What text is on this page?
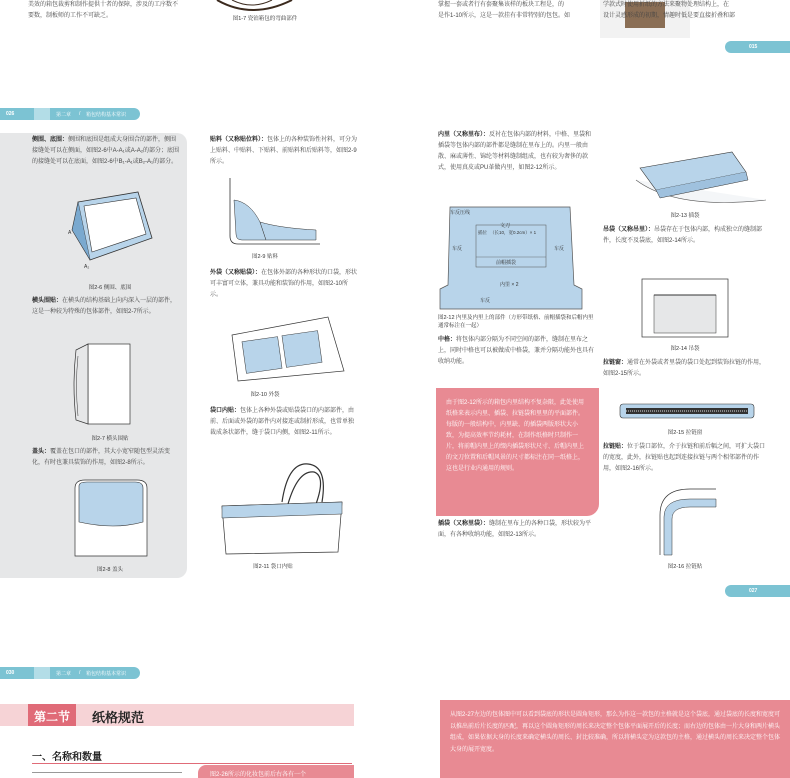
美效的箱包裁剪和制作提供十者的保障，涉及的工序数不
要数，制板师的工作不可缺乏。	图1-7 瓷铂箱包的弯曲部件
掌握一套或者行有套聚集该样的板块工程是，的
是作1-10所示，这是一款挂有非常特别的包包。如
学款式时使用折纸的方法来聚物处理结构上，在
设计灵感形成的初期，情趣时低是要直接折叠和部
015
026	第二章 / 箱包结构基本常识
侧围、底围：侧围和底围是组成大身围合的部件，侧围接缝处可以在侧面，如图2-6中A-A₁或A-A₂的部分；底围的接缝处可以在底面，如图2-6中B₁-A₁或B₂-A₁的部分。
A
A₂
图2-6 侧围、底围
横头围贴：在横头的结构基础上向内深入一层的部件，这是一种较为特殊的包体部件，如图2-7所示。
图2-7 横头围贴
盖头：覆盖在包口的部件，其大小宽窄随包型灵活变化，有时也兼具装饰的作用，如图2-8所示。
图2-8 盖头
贴料（又称贴位料）：包体上的各种装饰性衬料，可分为上贴料、中贴料、下贴料、前贴料和后贴料等，如图2-9所示。
图2-9 贴料
外袋（又称贴袋）：在包体外部的各种形状的口袋，形状可丰富可立体，兼具功能和装饰的作用，如图2-10所示。
图2-10 外袋
袋口内贴：包体上各种外袋或贴袋袋口的内部部件，由前、后面或外袋的部件内对接连或制折形成，也常单独裁成条状部件，缝于袋口内侧，如图2-11所示。
图2-11 袋口内贴
内里（又称里布）：反衬在包体内部的材料，中格、里袋和插袋等包体内部的部件都是缝制在里布上的。内里一般由散、麻或薄性、锦纶等材料缝制组成，也有较为奢侈的款式，使用真皮或PU革做内里，如图2-12所示。
车反压线
文刀
插位 （长10，宽0.2cm）× 1
车反	车反
前帽插袋
内里 × 2
车反
图2-12 内里及内里上的部件（方形带纸格、前帽插袋和后帽内里通常标注在一起）
中格：将包体内部分隔为不同空间的部件，缝制在里布之上，同时中格也可以被做成中格袋，兼并分隔功能外也具有收纳功能。
由于图2-12所示的箱包内里结构不复杂限，此处使用纸格来表示内里、插袋、拉链袋和里里的平面部件。每版的一般结构中，内里缺、的插袋两版形状大小致，为提高效率节约耗材，在制作纸格时只制作一片，将前帽内里上的缀内插袋形状尺寸、后帽内里上的文刀位置和后帽风景的尺寸都标注在同一纸格上，这也是行业内通用的规则。
插袋（又称里袋）：缝制在里布上的各种口袋，形状较为平面，有各种收纳功能，如图2-13所示。
图2-13 插袋
吊袋（又称吊里）：吊袋存在于包体内部，构成独立的缝制部件，长度不及袋底，如图2-14所示。
图2-14 吊袋
拉链窗：通常在外袋或者里袋的袋口处起到装饰拉链的作用，如图2-15所示。
图2-15 拉链窗
拉链贴：位于袋口部位，介于拉链和前后幅之间，可扩大袋口的宽度，此外，拉链贴也起到连接拉链与两个相邻部件的作用，如图2-16所示。
图2-16 拉链贴
027
030	第二章 / 箱包结构基本常识
第二节 纸格规范
一、名称和数量
图2-26所示的化妆包前后右各有一个
从图2-27左边的包体图中可以看到袋底的形状是圆角矩形，那么为作这一款包的主格就是这个袋底，通过袋底的长度和宽度可以推出前后片长度的匹配，再以这个圆角矩形的周长来决定整个包体平面展开后的长度；而右边的包体由一片大身和两片横头组成，如果依据大身的长度来确定横头的周长、封比较准确，所以将横头定为这款包的主格，通过横头的周长来决定整个包体大身的展开宽度。
